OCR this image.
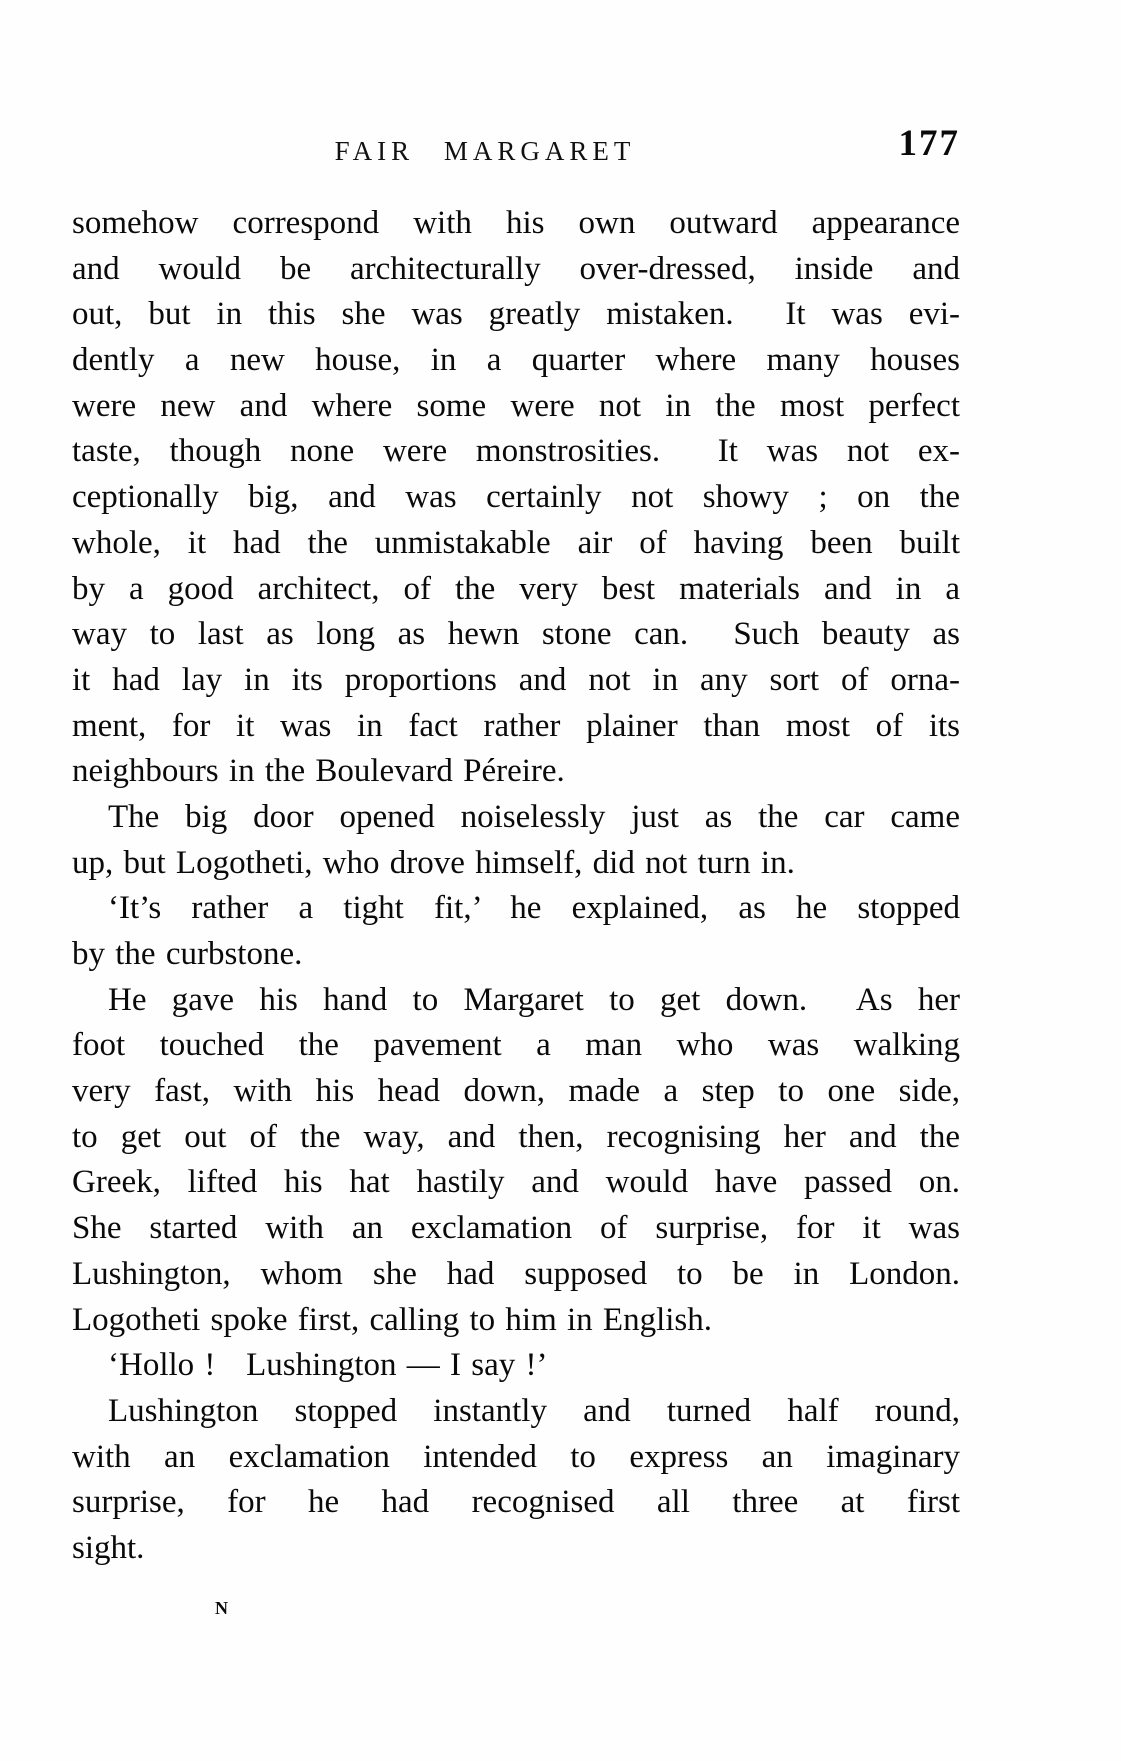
FAIR MARGARET	177
somehow correspond with his own outward appearance
and would be architecturally over-dressed, inside and
out, but in this she was greatly mistaken.  It was evi-
dently a new house, in a quarter where many houses
were new and where some were not in the most perfect
taste, though none were monstrosities.  It was not ex-
ceptionally big, and was certainly not showy ; on the
whole, it had the unmistakable air of having been built
by a good architect, of the very best materials and in a
way to last as long as hewn stone can.  Such beauty as
it had lay in its proportions and not in any sort of orna-
ment, for it was in fact rather plainer than most of its
neighbours in the Boulevard Péreire.
The big door opened noiselessly just as the car came
up, but Logotheti, who drove himself, did not turn in.
‘It’s rather a tight fit,’ he explained, as he stopped
by the curbstone.
He gave his hand to Margaret to get down.  As her
foot touched the pavement a man who was walking
very fast, with his head down, made a step to one side,
to get out of the way, and then, recognising her and the
Greek, lifted his hat hastily and would have passed on.
She started with an exclamation of surprise, for it was
Lushington, whom she had supposed to be in London.
Logotheti spoke first, calling to him in English.
‘Hollo !   Lushington — I say !’
Lushington stopped instantly and turned half round,
with an exclamation intended to express an imaginary
surprise, for he had recognised all three at first
sight.
N
